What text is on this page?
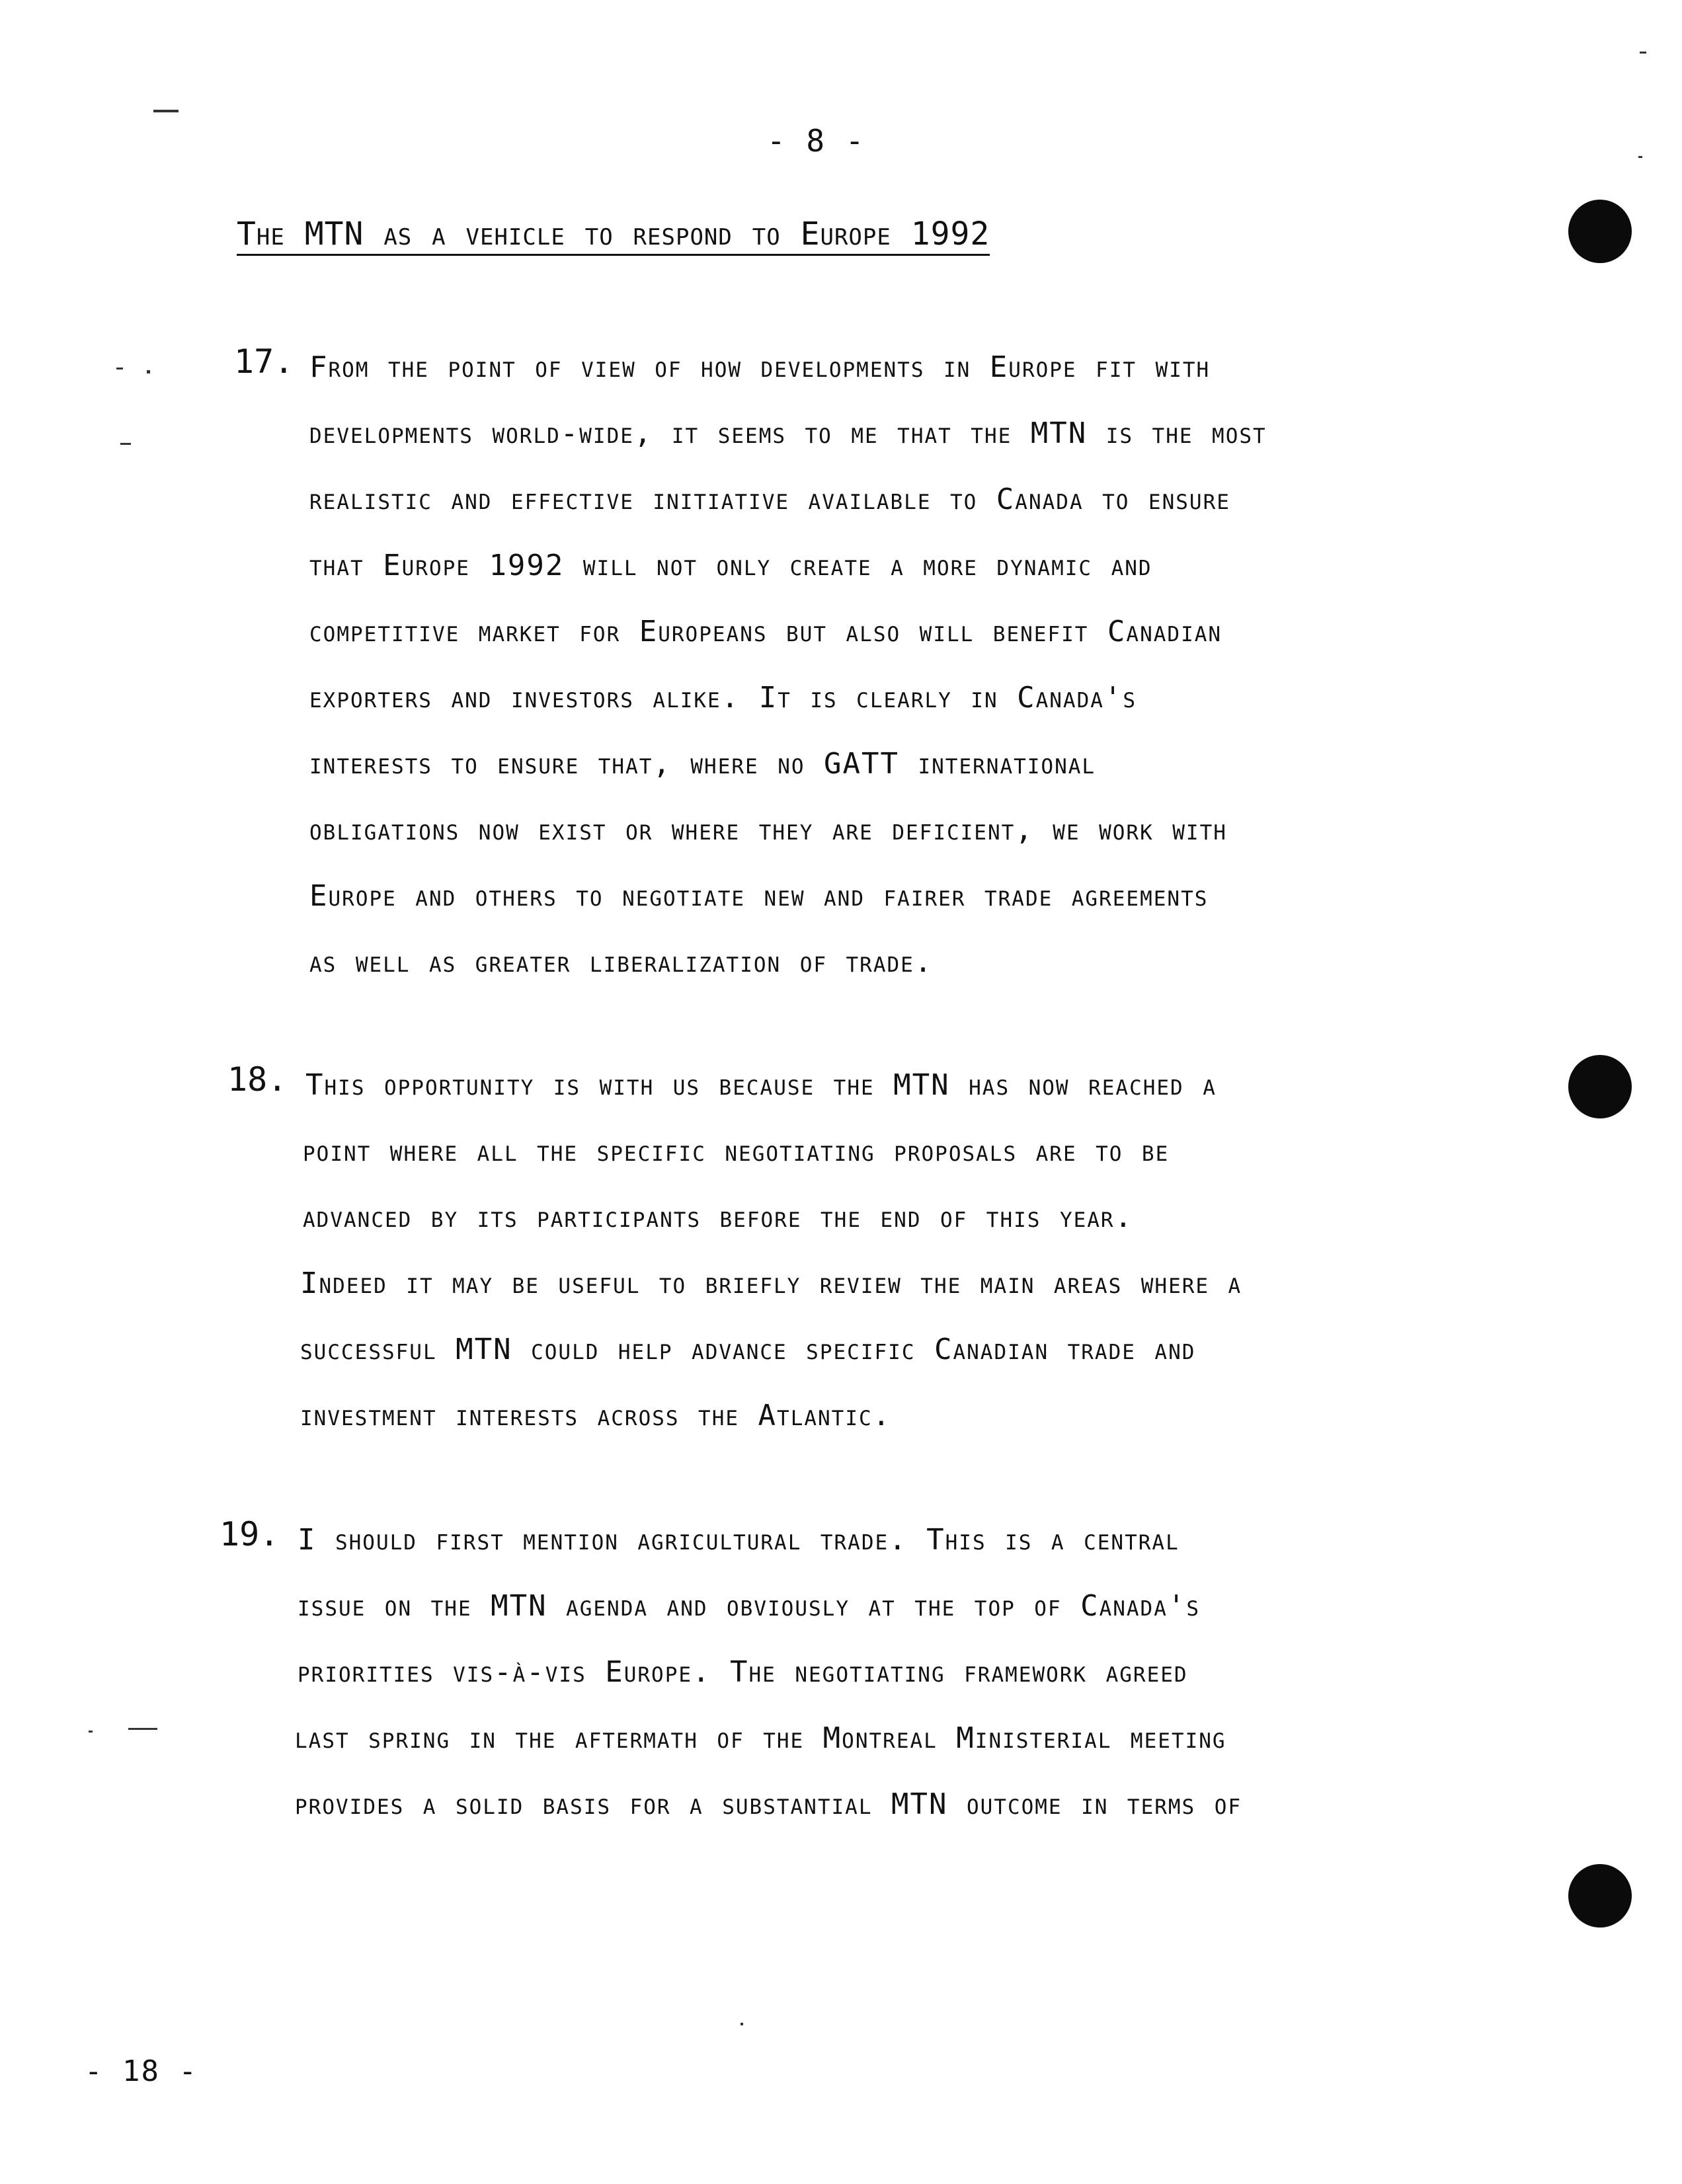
- 8 -
The MTN as a vehicle to respond to Europe 1992
17. From the point of view of how developments in Europe fit with
developments world-wide, it seems to me that the MTN is the most
realistic and effective initiative available to Canada to ensure
that Europe 1992 will not only create a more dynamic and
competitive market for Europeans but also will benefit Canadian
exporters and investors alike. It is clearly in Canada's
interests to ensure that, where no GATT international
obligations now exist or where they are deficient, we work with
Europe and others to negotiate new and fairer trade agreements
as well as greater liberalization of trade.
18. This opportunity is with us because the MTN has now reached a
point where all the specific negotiating proposals are to be
advanced by its participants before the end of this year.
Indeed it may be useful to briefly review the main areas where a
successful MTN could help advance specific Canadian trade and
investment interests across the Atlantic.
19. I should first mention agricultural trade. This is a central
issue on the MTN agenda and obviously at the top of Canada's
priorities vis-à-vis Europe. The negotiating framework agreed
last spring in the aftermath of the Montreal Ministerial meeting
provides a solid basis for a substantial MTN outcome in terms of
- 18 -
